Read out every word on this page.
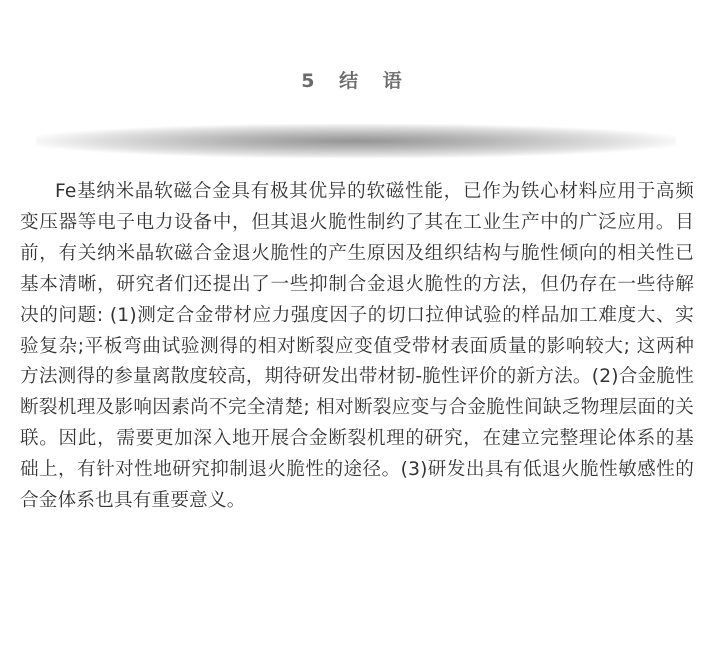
5 结 语

Fe基纳米晶软磁合金具有极其优异的软磁性能，已作为铁心材料应用于高频变压器等电子电力设备中，但其退火脆性制约了其在工业生产中的广泛应用。目前，有关纳米晶软磁合金退火脆性的产生原因及组织结构与脆性倾向的相关性已基本清晰，研究者们还提出了一些抑制合金退火脆性的方法，但仍存在一些待解决的问题: (1)测定合金带材应力强度因子的切口拉伸试验的样品加工难度大、实验复杂;平板弯曲试验测得的相对断裂应变值受带材表面质量的影响较大; 这两种方法测得的参量离散度较高，期待研发出带材韧-脆性评价的新方法。(2)合金脆性断裂机理及影响因素尚不完全清楚; 相对断裂应变与合金脆性间缺乏物理层面的关联。因此，需要更加深入地开展合金断裂机理的研究，在建立完整理论体系的基础上，有针对性地研究抑制退火脆性的途径。(3)研发出具有低退火脆性敏感性的合金体系也具有重要意义。
